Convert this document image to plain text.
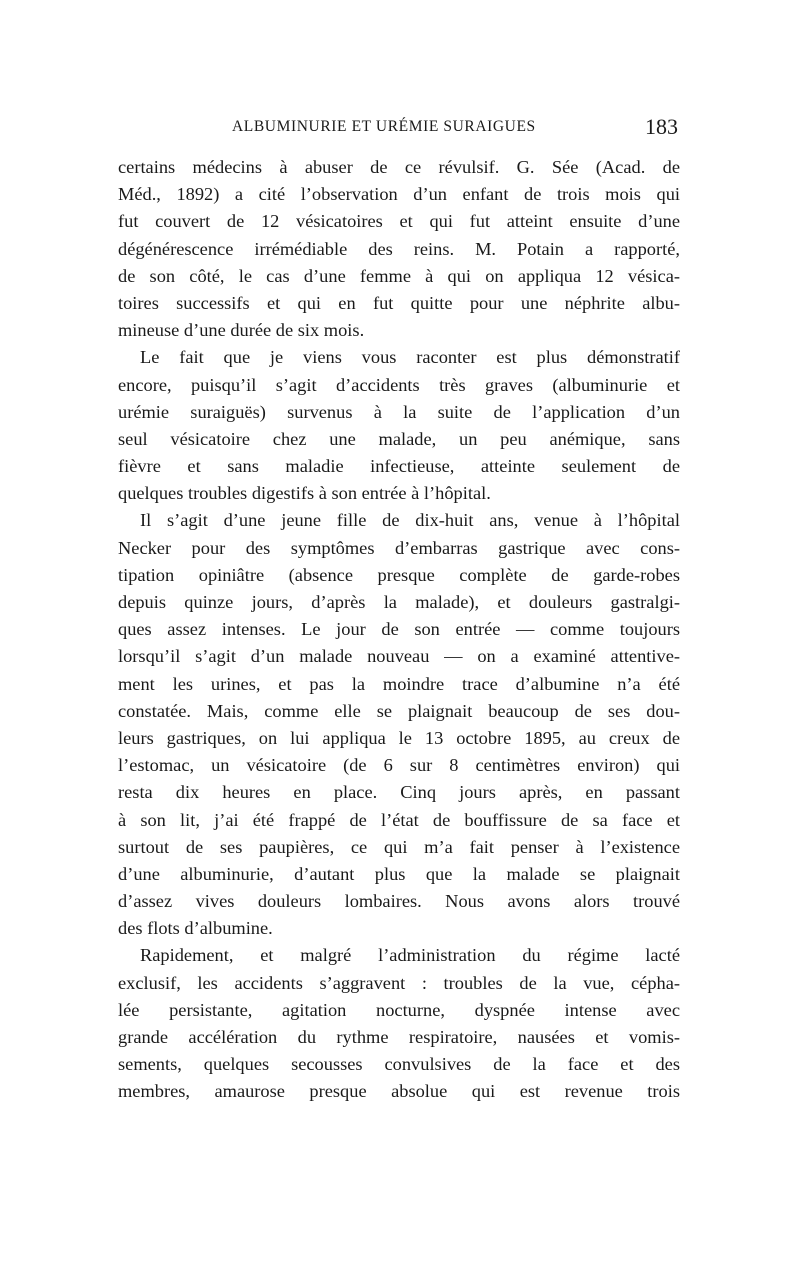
ALBUMINURIE ET URÉMIE SURAIGUES	183

certains médecins à abuser de ce révulsif. G. Sée (Acad. de
Méd., 1892) a cité l’observation d’un enfant de trois mois qui
fut couvert de 12 vésicatoires et qui fut atteint ensuite d’une
dégénérescence irrémédiable des reins. M. Potain a rapporté,
de son côté, le cas d’une femme à qui on appliqua 12 vésica-
toires successifs et qui en fut quitte pour une néphrite albu-
mineuse d’une durée de six mois.

Le fait que je viens vous raconter est plus démonstratif
encore, puisqu’il s’agit d’accidents très graves (albuminurie et
urémie suraiguës) survenus à la suite de l’application d’un
seul vésicatoire chez une malade, un peu anémique, sans
fièvre et sans maladie infectieuse, atteinte seulement de
quelques troubles digestifs à son entrée à l’hôpital.

Il s’agit d’une jeune fille de dix-huit ans, venue à l’hôpital
Necker pour des symptômes d’embarras gastrique avec cons-
tipation opiniâtre (absence presque complète de garde-robes
depuis quinze jours, d’après la malade), et douleurs gastralgi-
ques assez intenses. Le jour de son entrée — comme toujours
lorsqu’il s’agit d’un malade nouveau — on a examiné attentive-
ment les urines, et pas la moindre trace d’albumine n’a été
constatée. Mais, comme elle se plaignait beaucoup de ses dou-
leurs gastriques, on lui appliqua le 13 octobre 1895, au creux de
l’estomac, un vésicatoire (de 6 sur 8 centimètres environ) qui
resta dix heures en place. Cinq jours après, en passant
à son lit, j’ai été frappé de l’état de bouffissure de sa face et
surtout de ses paupières, ce qui m’a fait penser à l’existence
d’une albuminurie, d’autant plus que la malade se plaignait
d’assez vives douleurs lombaires. Nous avons alors trouvé
des flots d’albumine.

Rapidement, et malgré l’administration du régime lacté
exclusif, les accidents s’aggravent : troubles de la vue, cépha-
lée persistante, agitation nocturne, dyspnée intense avec
grande accélération du rythme respiratoire, nausées et vomis-
sements, quelques secousses convulsives de la face et des
membres, amaurose presque absolue qui est revenue trois
